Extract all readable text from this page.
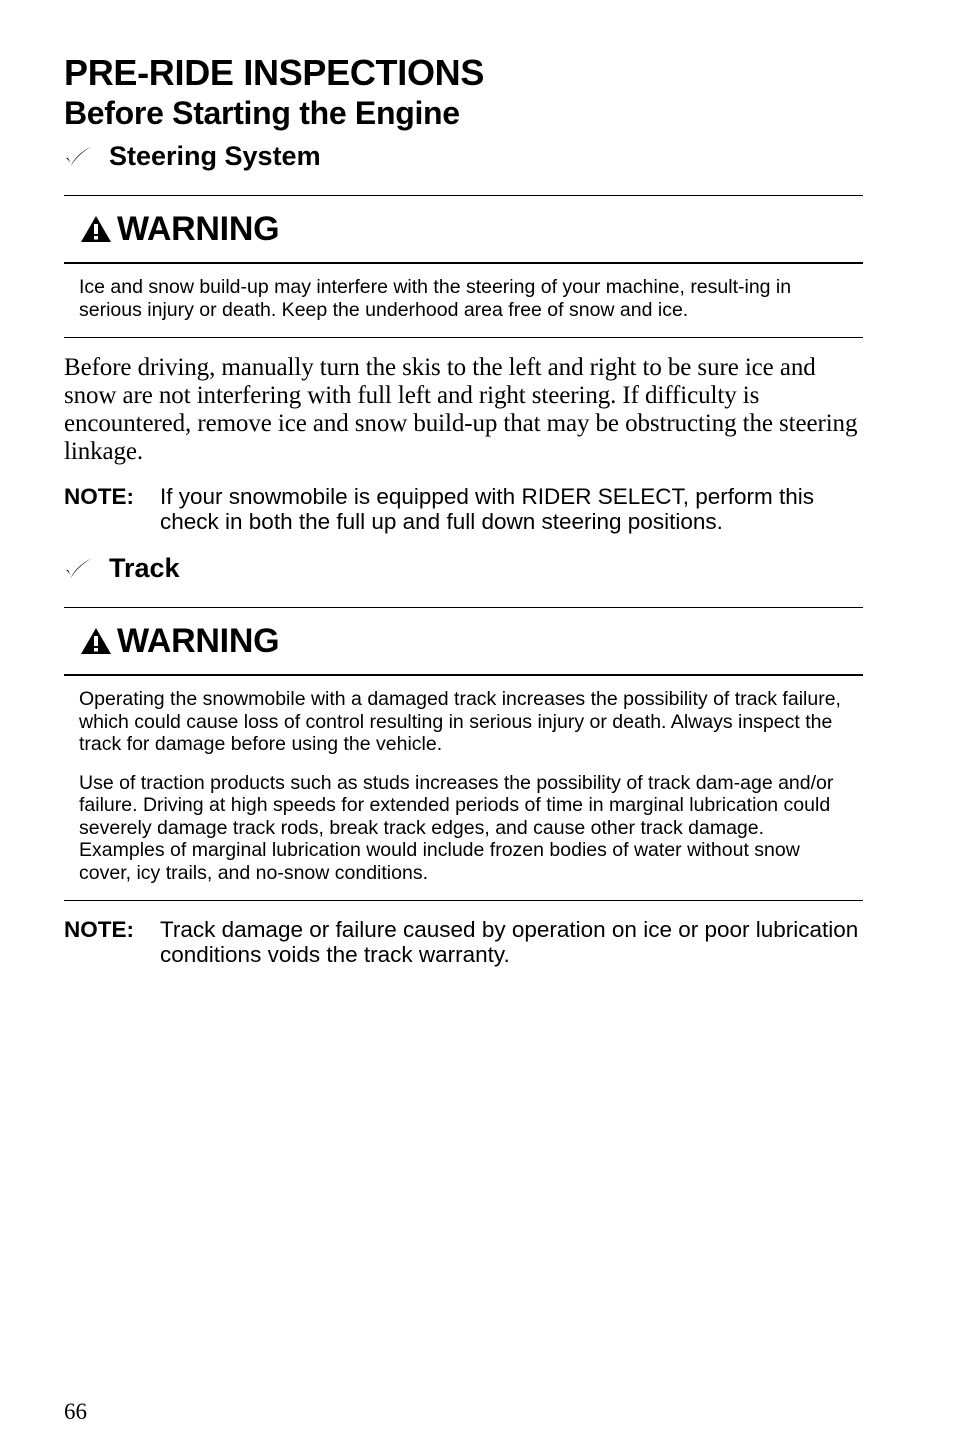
PRE-RIDE INSPECTIONS
Before Starting the Engine
Steering System
WARNING

Ice and snow build-up may interfere with the steering of your machine, result-ing in serious injury or death. Keep the underhood area free of snow and ice.

Before driving, manually turn the skis to the left and right to be sure ice and snow are not interfering with full left and right steering. If difficulty is encountered, remove ice and snow build-up that may be obstructing the steering linkage.

NOTE:	If your snowmobile is equipped with RIDER SELECT, perform this check in both the full up and full down steering positions.
Track
WARNING

Operating the snowmobile with a damaged track increases the possibility of track failure, which could cause loss of control resulting in serious injury or death. Always inspect the track for damage before using the vehicle.

Use of traction products such as studs increases the possibility of track dam-age and/or failure. Driving at high speeds for extended periods of time in marginal lubrication could severely damage track rods, break track edges, and cause other track damage. Examples of marginal lubrication would include frozen bodies of water without snow cover, icy trails, and no-snow conditions.

NOTE:	Track damage or failure caused by operation on ice or poor lubrication conditions voids the track warranty.
66
